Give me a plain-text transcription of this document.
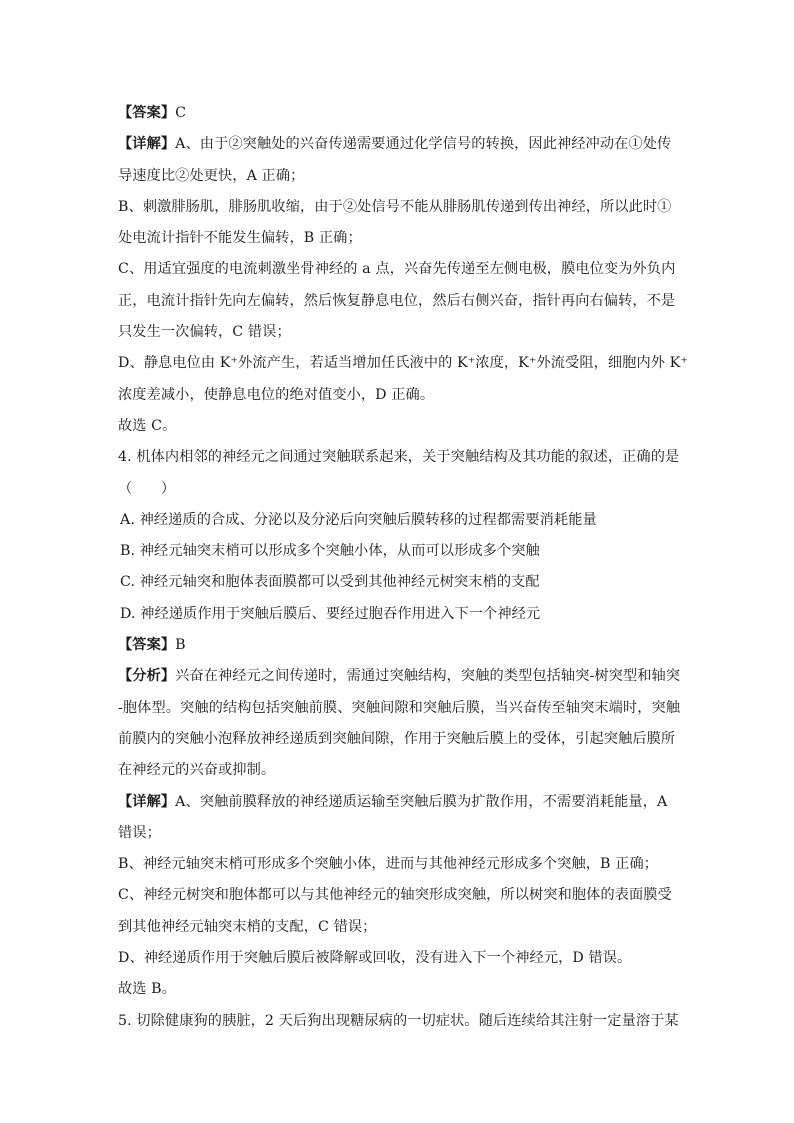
【答案】C
【详解】A、由于②突触处的兴奋传递需要通过化学信号的转换，因此神经冲动在①处传
导速度比②处更快，A 正确；
B、刺激腓肠肌，腓肠肌收缩，由于②处信号不能从腓肠肌传递到传出神经，所以此时①
处电流计指针不能发生偏转，B 正确；
C、用适宜强度的电流刺激坐骨神经的 a 点，兴奋先传递至左侧电极，膜电位变为外负内
正，电流计指针先向左偏转，然后恢复静息电位，然后右侧兴奋，指针再向右偏转，不是
只发生一次偏转，C 错误；
D、静息电位由 K⁺外流产生，若适当增加任氏液中的 K⁺浓度，K⁺外流受阻，细胞内外 K⁺
浓度差减小，使静息电位的绝对值变小，D 正确。
故选 C。
4. 机体内相邻的神经元之间通过突触联系起来，关于突触结构及其功能的叙述，正确的是
（　　）
A. 神经递质的合成、分泌以及分泌后向突触后膜转移的过程都需要消耗能量
B. 神经元轴突末梢可以形成多个突触小体，从而可以形成多个突触
C. 神经元轴突和胞体表面膜都可以受到其他神经元树突末梢的支配
D. 神经递质作用于突触后膜后、要经过胞吞作用进入下一个神经元
【答案】B
【分析】兴奋在神经元之间传递时，需通过突触结构，突触的类型包括轴突-树突型和轴突
-胞体型。突触的结构包括突触前膜、突触间隙和突触后膜，当兴奋传至轴突末端时，突触
前膜内的突触小泡释放神经递质到突触间隙，作用于突触后膜上的受体，引起突触后膜所
在神经元的兴奋或抑制。
【详解】A、突触前膜释放的神经递质运输至突触后膜为扩散作用，不需要消耗能量，A
错误；
B、神经元轴突末梢可形成多个突触小体，进而与其他神经元形成多个突触，B 正确；
C、神经元树突和胞体都可以与其他神经元的轴突形成突触，所以树突和胞体的表面膜受
到其他神经元轴突末梢的支配，C 错误；
D、神经递质作用于突触后膜后被降解或回收，没有进入下一个神经元，D 错误。
故选 B。
5. 切除健康狗的胰脏，2 天后狗出现糖尿病的一切症状。随后连续给其注射一定量溶于某
